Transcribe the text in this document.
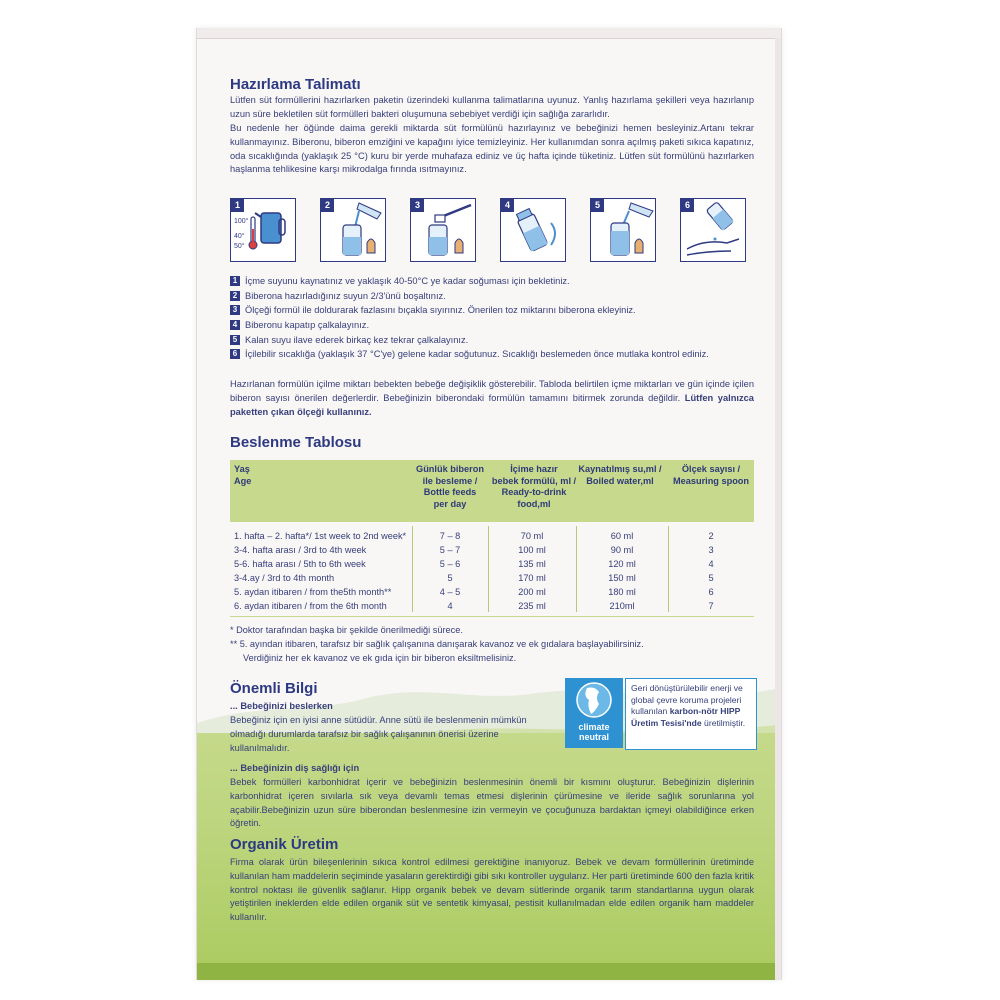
Hazırlama Talimatı
Lütfen süt formüllerini hazırlarken paketin üzerindeki kullanma talimatlarına uyunuz. Yanlış hazırlama şekilleri veya hazırlanıp uzun süre bekletilen süt formülleri bakteri oluşumuna sebebiyet verdiği için sağlığa zararlıdır.
Bu nedenle her öğünde daima gerekli miktarda süt formülünü hazırlayınız ve bebeğinizi hemen besleyiniz.Artanı tekrar kullanmayınız. Biberonu, biberon emziğini ve kapağını iyice temizleyiniz. Her kullanımdan sonra açılmış paketi sıkıca kapatınız, oda sıcaklığında (yaklaşık 25 °C) kuru bir yerde muhafaza ediniz ve üç hafta içinde tüketiniz. Lütfen süt formülünü hazırlarken haşlanma tehlikesine karşı mikrodalga fırında ısıtmayınız.
1
100°
40°
50°
2	3	4	5	6
1 İçme suyunu kaynatınız ve yaklaşık 40-50°C ye kadar soğuması için bekletiniz.
2 Biberona hazırladığınız suyun 2/3'ünü boşaltınız.
3 Ölçeği formül ile doldurarak fazlasını bıçakla sıyırınız. Önerilen toz miktarını biberona ekleyiniz.
4 Biberonu kapatıp çalkalayınız.
5 Kalan suyu ilave ederek birkaç kez tekrar çalkalayınız.
6 İçilebilir sıcaklığa (yaklaşık 37 °C'ye) gelene kadar soğutunuz. Sıcaklığı beslemeden önce mutlaka kontrol ediniz.
Hazırlanan formülün içilme miktarı bebekten bebeğe değişiklik gösterebilir. Tabloda belirtilen içme miktarları ve gün içinde içilen biberon sayısı önerilen değerlerdir. Bebeğinizin biberondaki formülün tamamını bitirmek zorunda değildir. Lütfen yalnızca paketten çıkan ölçeği kullanınız.
Beslenme Tablosu
Yaş
Age
Günlük biberon
ile besleme /
Bottle feeds
per day
İçime hazır
bebek formülü, ml /
Ready-to-drink
food,ml
Kaynatılmış su,ml /
Boiled water,ml
Ölçek sayısı /
Measuring spoon
1. hafta – 2. hafta*/ 1st week to 2nd week*	7 – 8	70 ml	60 ml	2
3-4. hafta arası / 3rd to 4th week	5 – 7	100 ml	90 ml	3
5-6. hafta arası / 5th to 6th week	5 – 6	135 ml	120 ml	4
3-4.ay / 3rd to 4th month	5	170 ml	150 ml	5
5. aydan itibaren / from the5th month**	4 – 5	200 ml	180 ml	6
6. aydan itibaren / from the 6th month	4	235 ml	210ml	7
* Doktor tarafından başka bir şekilde önerilmediği sürece.
** 5. ayından itibaren, tarafsız bir sağlık çalışanına danışarak kavanoz ve ek gıdalara başlayabilirsiniz.
Verdiğiniz her ek kavanoz ve ek gıda için bir biberon eksiltmelisiniz.
Önemli Bilgi
... Bebeğinizi beslerken
Bebeğiniz için en iyisi anne sütüdür. Anne sütü ile beslenmenin mümkün olmadığı durumlarda tarafsız bir sağlık çalışanının önerisi üzerine kullanılmalıdır.
... Bebeğinizin diş sağlığı için
Bebek formülleri karbonhidrat içerir ve bebeğinizin beslenmesinin önemli bir kısmını oluşturur. Bebeğinizin dişlerinin karbonhidrat içeren sıvılarla sık veya devamlı temas etmesi dişlerinin çürümesine ve ileride sağlık sorunlarına yol açabilir.Bebeğinizin uzun süre biberondan beslenmesine izin vermeyin ve çocuğunuza bardaktan içmeyi olabildiğince erken öğretin.
climate
neutral
Geri dönüştürülebilir enerji ve global çevre koruma projeleri kullanılan karbon-nötr HIPP Üretim Tesisi'nde üretilmiştir.
Organik Üretim
Firma olarak ürün bileşenlerinin sıkıca kontrol edilmesi gerektiğine inanıyoruz. Bebek ve devam formüllerinin üretiminde kullanılan ham maddelerin seçiminde yasaların gerektirdiği gibi sıkı kontroller uygularız. Her parti üretiminde 600 den fazla kritik kontrol noktası ile güvenlik sağlanır. Hipp organik bebek ve devam sütlerinde organik tarım standartlarına uygun olarak yetiştirilen ineklerden elde edilen organik süt ve sentetik kimyasal, pestisit kullanılmadan elde edilen organik ham maddeler kullanılır.
